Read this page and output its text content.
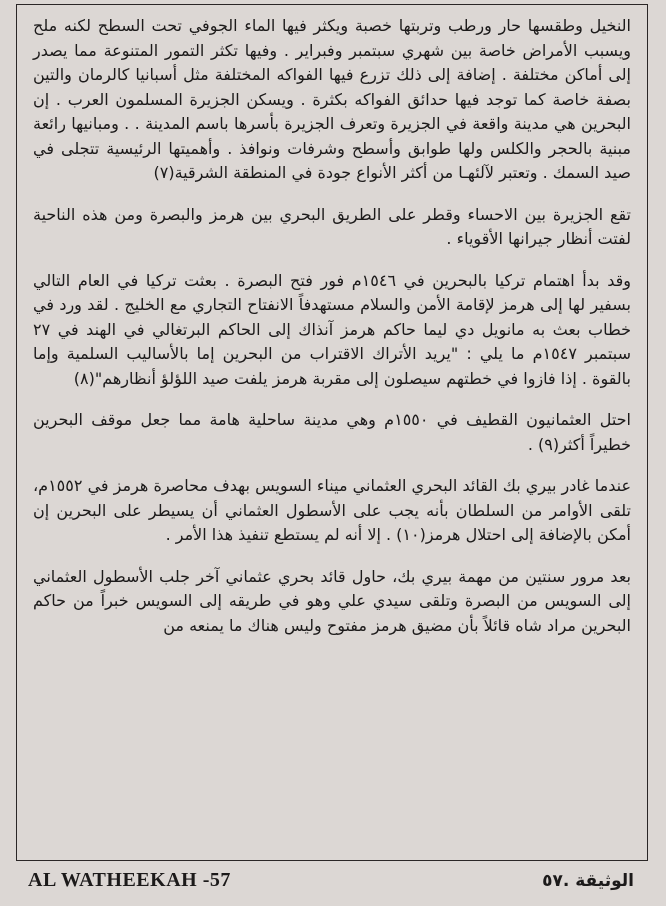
النخيل وطقسها حار ورطب وتربتها خصبة ويكثر فيها الماء الجوفي تحت السطح لكنه ملح ويسبب الأمراض خاصة بين شهري سبتمبر وفبراير . وفيها تكثر التمور المتنوعة مما يصدر إلى أماكن مختلفة . إضافة إلى ذلك تزرع فيها الفواكه المختلفة مثل أسبانيا كالرمان والتين بصفة خاصة كما توجد فيها حدائق الفواكه بكثرة . ويسكن الجزيرة المسلمون العرب . إن البحرين هي مدينة واقعة في الجزيرة وتعرف الجزيرة بأسرها باسم المدينة . . ومبانيها رائعة مبنية بالحجر والكلس ولها طوابق وأسطح وشرفات ونوافذ . وأهميتها الرئيسية تتجلى في صيد السمك . وتعتبر لآلئهـا من أكثر الأنواع جودة في المنطقة الشرقية(٧)

تقع الجزيرة بين الاحساء وقطر على الطريق البحري بين هرمز والبصرة ومن هذه الناحية لفتت أنظار جيرانها الأقوياء .

وقد بدأ اهتمام تركيا بالبحرين في ١٥٤٦م فور فتح البصرة . بعثت تركيا في العام التالي بسفير لها إلى هرمز لإقامة الأمن والسلام مستهدفاً الانفتاح التجاري مع الخليج . لقد ورد في خطاب بعث به مانويل دي ليما حاكم هرمز آنذاك إلى الحاكم البرتغالي في الهند في ٢٧ سبتمبر ١٥٤٧م ما يلي : "يريد الأتراك الاقتراب من البحرين إما بالأساليب السلمية وإما بالقوة . إذا فازوا في خطتهم سيصلون إلى مقربة هرمز يلفت صيد اللؤلؤ أنظارهم"(٨)

احتل العثمانيون القطيف في ١٥٥٠م وهي مدينة ساحلية هامة مما جعل موقف البحرين خطيراً أكثر(٩) .

عندما غادر بيري بك القائد البحري العثماني ميناء السويس بهدف محاصرة هرمز في ١٥٥٢م، تلقى الأوامر من السلطان بأنه يجب على الأسطول العثماني أن يسيطر على البحرين إن أمكن بالإضافة إلى احتلال هرمز(١٠) . إلا أنه لم يستطع تنفيذ هذا الأمر .

بعد مرور سنتين من مهمة بيري بك، حاول قائد بحري عثماني آخر جلب الأسطول العثماني إلى السويس من البصرة وتلقى سيدي علي وهو في طريقه إلى السويس خبراً من حاكم البحرين مراد شاه قائلاً بأن مضيق هرمز مفتوح وليس هناك ما يمنعه من

AL WATHEEKAH -57	الوثيقة .٥٧
